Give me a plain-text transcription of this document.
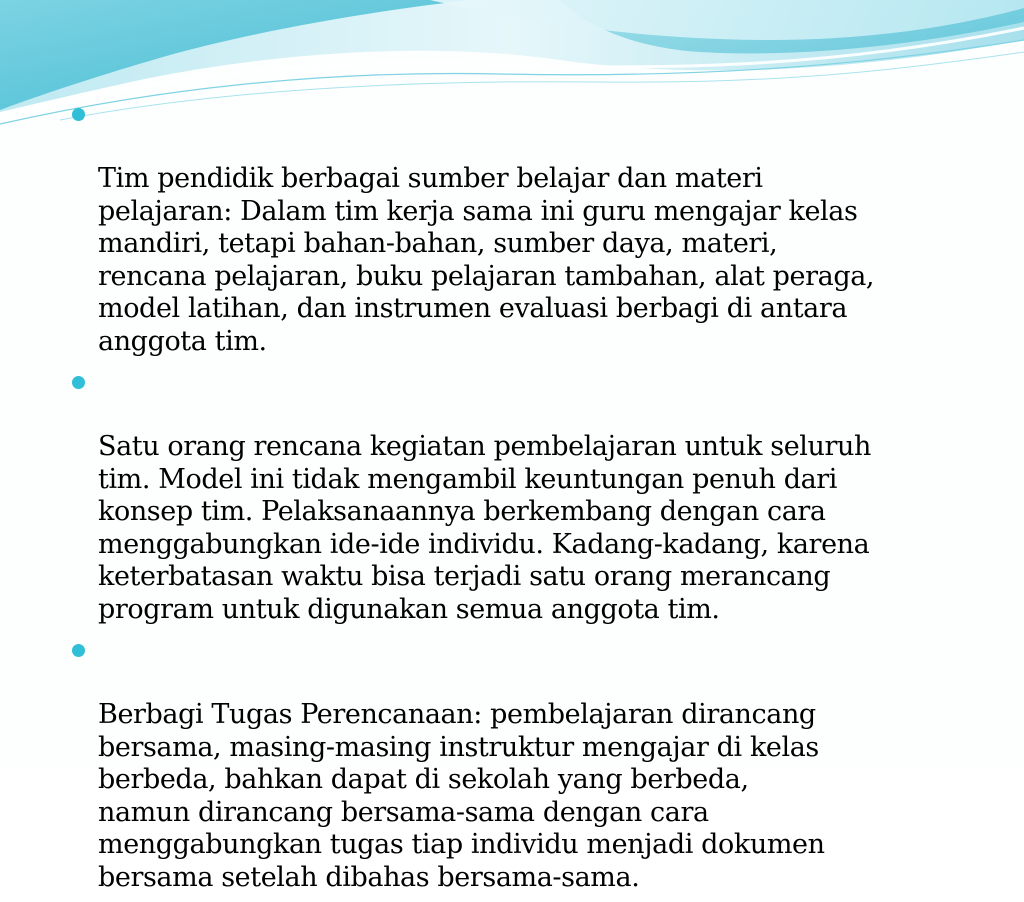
Tim pendidik berbagai sumber belajar dan materi
pelajaran: Dalam tim kerja sama ini guru mengajar kelas
mandiri, tetapi bahan-bahan, sumber daya, materi,
rencana pelajaran, buku pelajaran tambahan, alat peraga,
model latihan, dan instrumen evaluasi berbagi di antara
anggota tim.

Satu orang rencana kegiatan pembelajaran untuk seluruh
tim. Model ini tidak mengambil keuntungan penuh dari
konsep tim. Pelaksanaannya berkembang dengan cara
menggabungkan ide-ide individu. Kadang-kadang, karena
keterbatasan waktu bisa terjadi satu orang merancang
program untuk digunakan semua anggota tim.

Berbagi Tugas Perencanaan: pembelajaran dirancang
bersama, masing-masing instruktur mengajar di kelas
berbeda, bahkan dapat di sekolah yang berbeda,
namun dirancang bersama-sama dengan cara
menggabungkan tugas tiap individu menjadi dokumen
bersama setelah dibahas bersama-sama.
